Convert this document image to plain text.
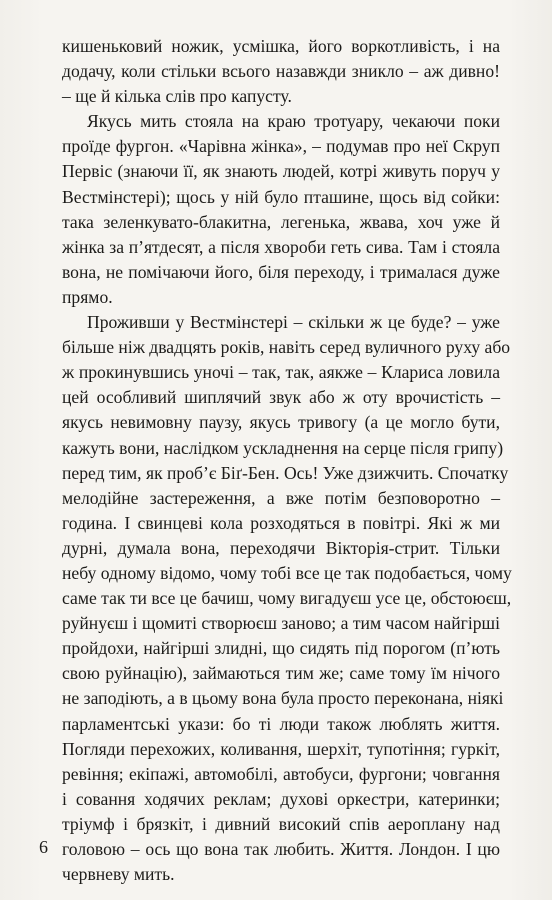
кишеньковий ножик, усмішка, його воркотливість, і на
додачу, коли стільки всього назавжди зникло – аж дивно!
– ще й кілька слів про капусту.
Якусь мить стояла на краю тротуару, чекаючи поки
проїде фургон. «Чарівна жінка», – подумав про неї Скруп
Первіс (знаючи її, як знають людей, котрі живуть поруч у
Вестмінстері); щось у ній було пташине, щось від сойки:
така зеленкувато-блакитна, легенька, жвава, хоч уже й
жінка за п’ятдесят, а після хвороби геть сива. Там і стояла
вона, не помічаючи його, біля переходу, і трималася дуже
прямо.
Проживши у Вестмінстері – скільки ж це буде? – уже
більше ніж двадцять років, навіть серед вуличного руху або
ж прокинувшись уночі – так, так, аякже – Клариса ловила
цей особливий шиплячий звук або ж оту врочистість –
якусь невимовну паузу, якусь тривогу (а це могло бути,
кажуть вони, наслідком ускладнення на серце після грипу)
перед тим, як проб’є Біґ-Бен. Ось! Уже дзижчить. Спочатку
мелодійне застереження, а вже потім безповоротно –
година. І свинцеві кола розходяться в повітрі. Які ж ми
дурні, думала вона, переходячи Вікторія-стрит. Тільки
небу одному відомо, чому тобі все це так подобається, чому
саме так ти все це бачиш, чому вигадуєш усе це, обстоюєш,
руйнуєш і щомиті створюєш заново; а тим часом найгірші
пройдохи, найгірші злидні, що сидять під порогом (п’ють
свою руйнацію), займаються тим же; саме тому їм нічого
не заподіють, а в цьому вона була просто переконана, ніякі
парламентські укази: бо ті люди також люблять життя.
Погляди перехожих, коливання, шерхіт, тупотіння; гуркіт,
ревіння; екіпажі, автомобілі, автобуси, фургони; човгання
і совання ходячих реклам; духові оркестри, катеринки;
тріумф і брязкіт, і дивний високий спів аероплану над
головою – ось що вона так любить. Життя. Лондон. І цю
червневу мить.
6
